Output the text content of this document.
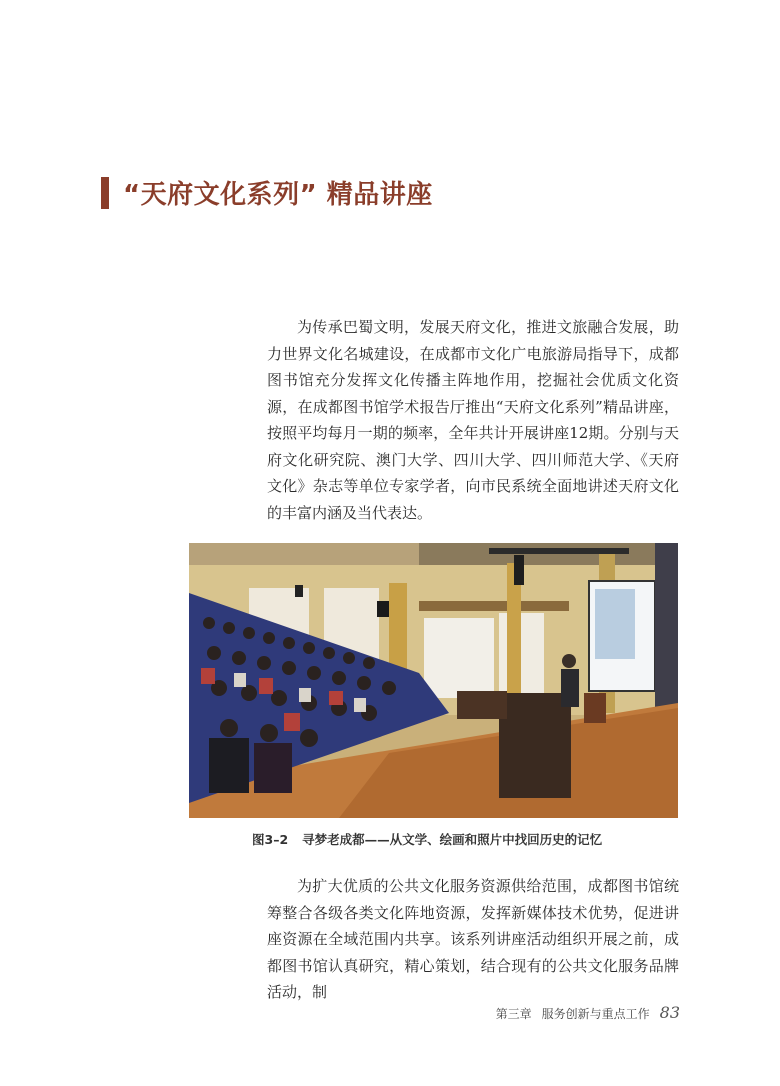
“天府文化系列” 精品讲座

为传承巴蜀文明，发展天府文化，推进文旅融合发展，助力世界文化名城建设，在成都市文化广电旅游局指导下，成都图书馆充分发挥文化传播主阵地作用，挖掘社会优质文化资源，在成都图书馆学术报告厅推出“天府文化系列”精品讲座，按照平均每月一期的频率，全年共计开展讲座12期。分别与天府文化研究院、澳门大学、四川大学、四川师范大学、《天府文化》杂志等单位专家学者，向市民系统全面地讲述天府文化的丰富内涵及当代表达。

图3–2 寻梦老成都——从文学、绘画和照片中找回历史的记忆

为扩大优质的公共文化服务资源供给范围，成都图书馆统筹整合各级各类文化阵地资源，发挥新媒体技术优势，促进讲座资源在全域范围内共享。该系列讲座活动组织开展之前，成都图书馆认真研究，精心策划，结合现有的公共文化服务品牌活动，制

第三章 服务创新与重点工作 83
